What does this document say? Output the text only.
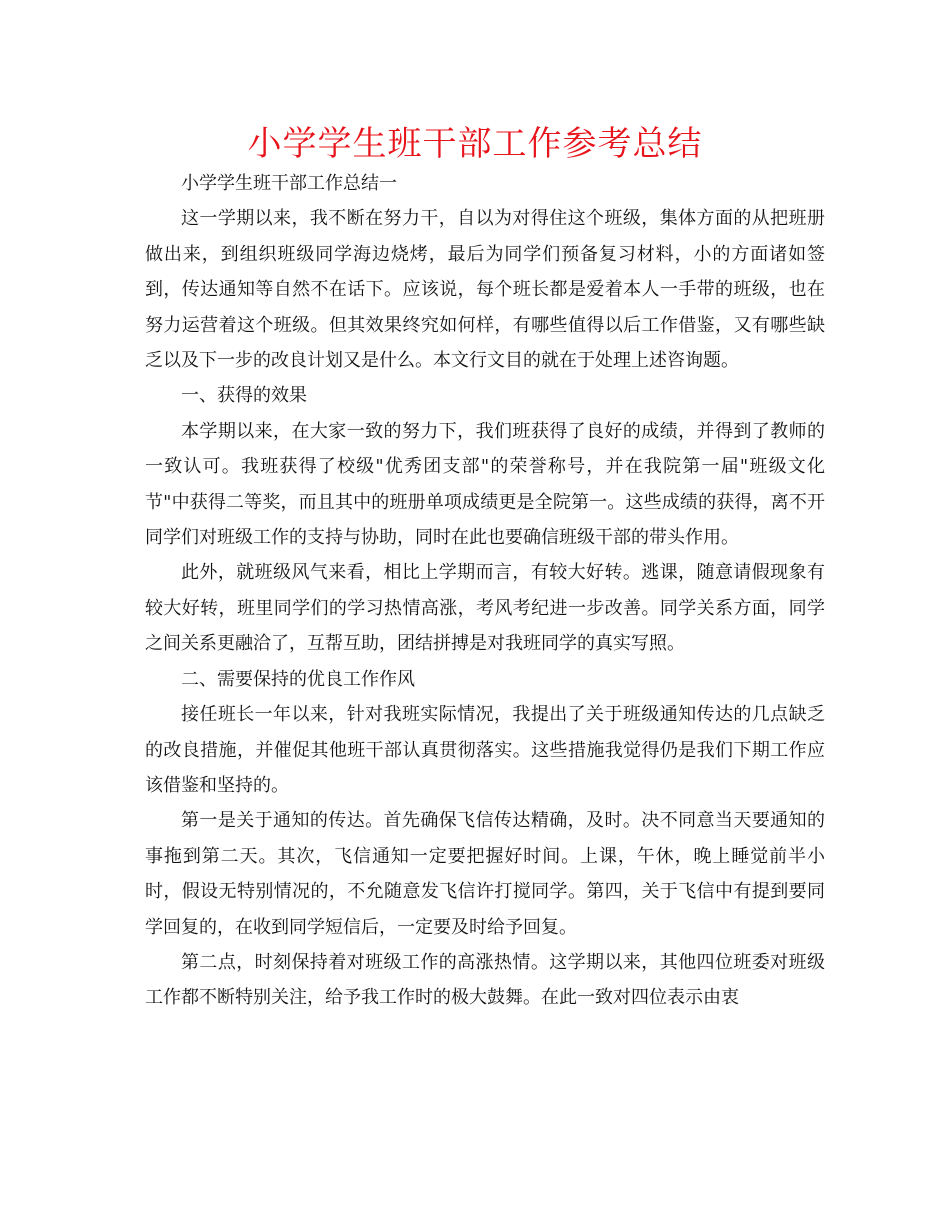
小学学生班干部工作参考总结

小学学生班干部工作总结一

这一学期以来，我不断在努力干，自以为对得住这个班级，集体方面的从把班册做出来，到组织班级同学海边烧烤，最后为同学们预备复习材料，小的方面诸如签到，传达通知等自然不在话下。应该说，每个班长都是爱着本人一手带的班级，也在努力运营着这个班级。但其效果终究如何样，有哪些值得以后工作借鉴，又有哪些缺乏以及下一步的改良计划又是什么。本文行文目的就在于处理上述咨询题。

一、获得的效果

本学期以来，在大家一致的努力下，我们班获得了良好的成绩，并得到了教师的一致认可。我班获得了校级"优秀团支部"的荣誉称号，并在我院第一届"班级文化节"中获得二等奖，而且其中的班册单项成绩更是全院第一。这些成绩的获得，离不开同学们对班级工作的支持与协助，同时在此也要确信班级干部的带头作用。

此外，就班级风气来看，相比上学期而言，有较大好转。逃课，随意请假现象有较大好转，班里同学们的学习热情高涨，考风考纪进一步改善。同学关系方面，同学之间关系更融洽了，互帮互助，团结拼搏是对我班同学的真实写照。

二、需要保持的优良工作作风

接任班长一年以来，针对我班实际情况，我提出了关于班级通知传达的几点缺乏的改良措施，并催促其他班干部认真贯彻落实。这些措施我觉得仍是我们下期工作应该借鉴和坚持的。

第一是关于通知的传达。首先确保飞信传达精确，及时。决不同意当天要通知的事拖到第二天。其次，飞信通知一定要把握好时间。上课，午休，晚上睡觉前半小时，假设无特别情况的，不允随意发飞信许打搅同学。第四，关于飞信中有提到要同学回复的，在收到同学短信后，一定要及时给予回复。

第二点，时刻保持着对班级工作的高涨热情。这学期以来，其他四位班委对班级工作都不断特别关注，给予我工作时的极大鼓舞。在此一致对四位表示由衷
